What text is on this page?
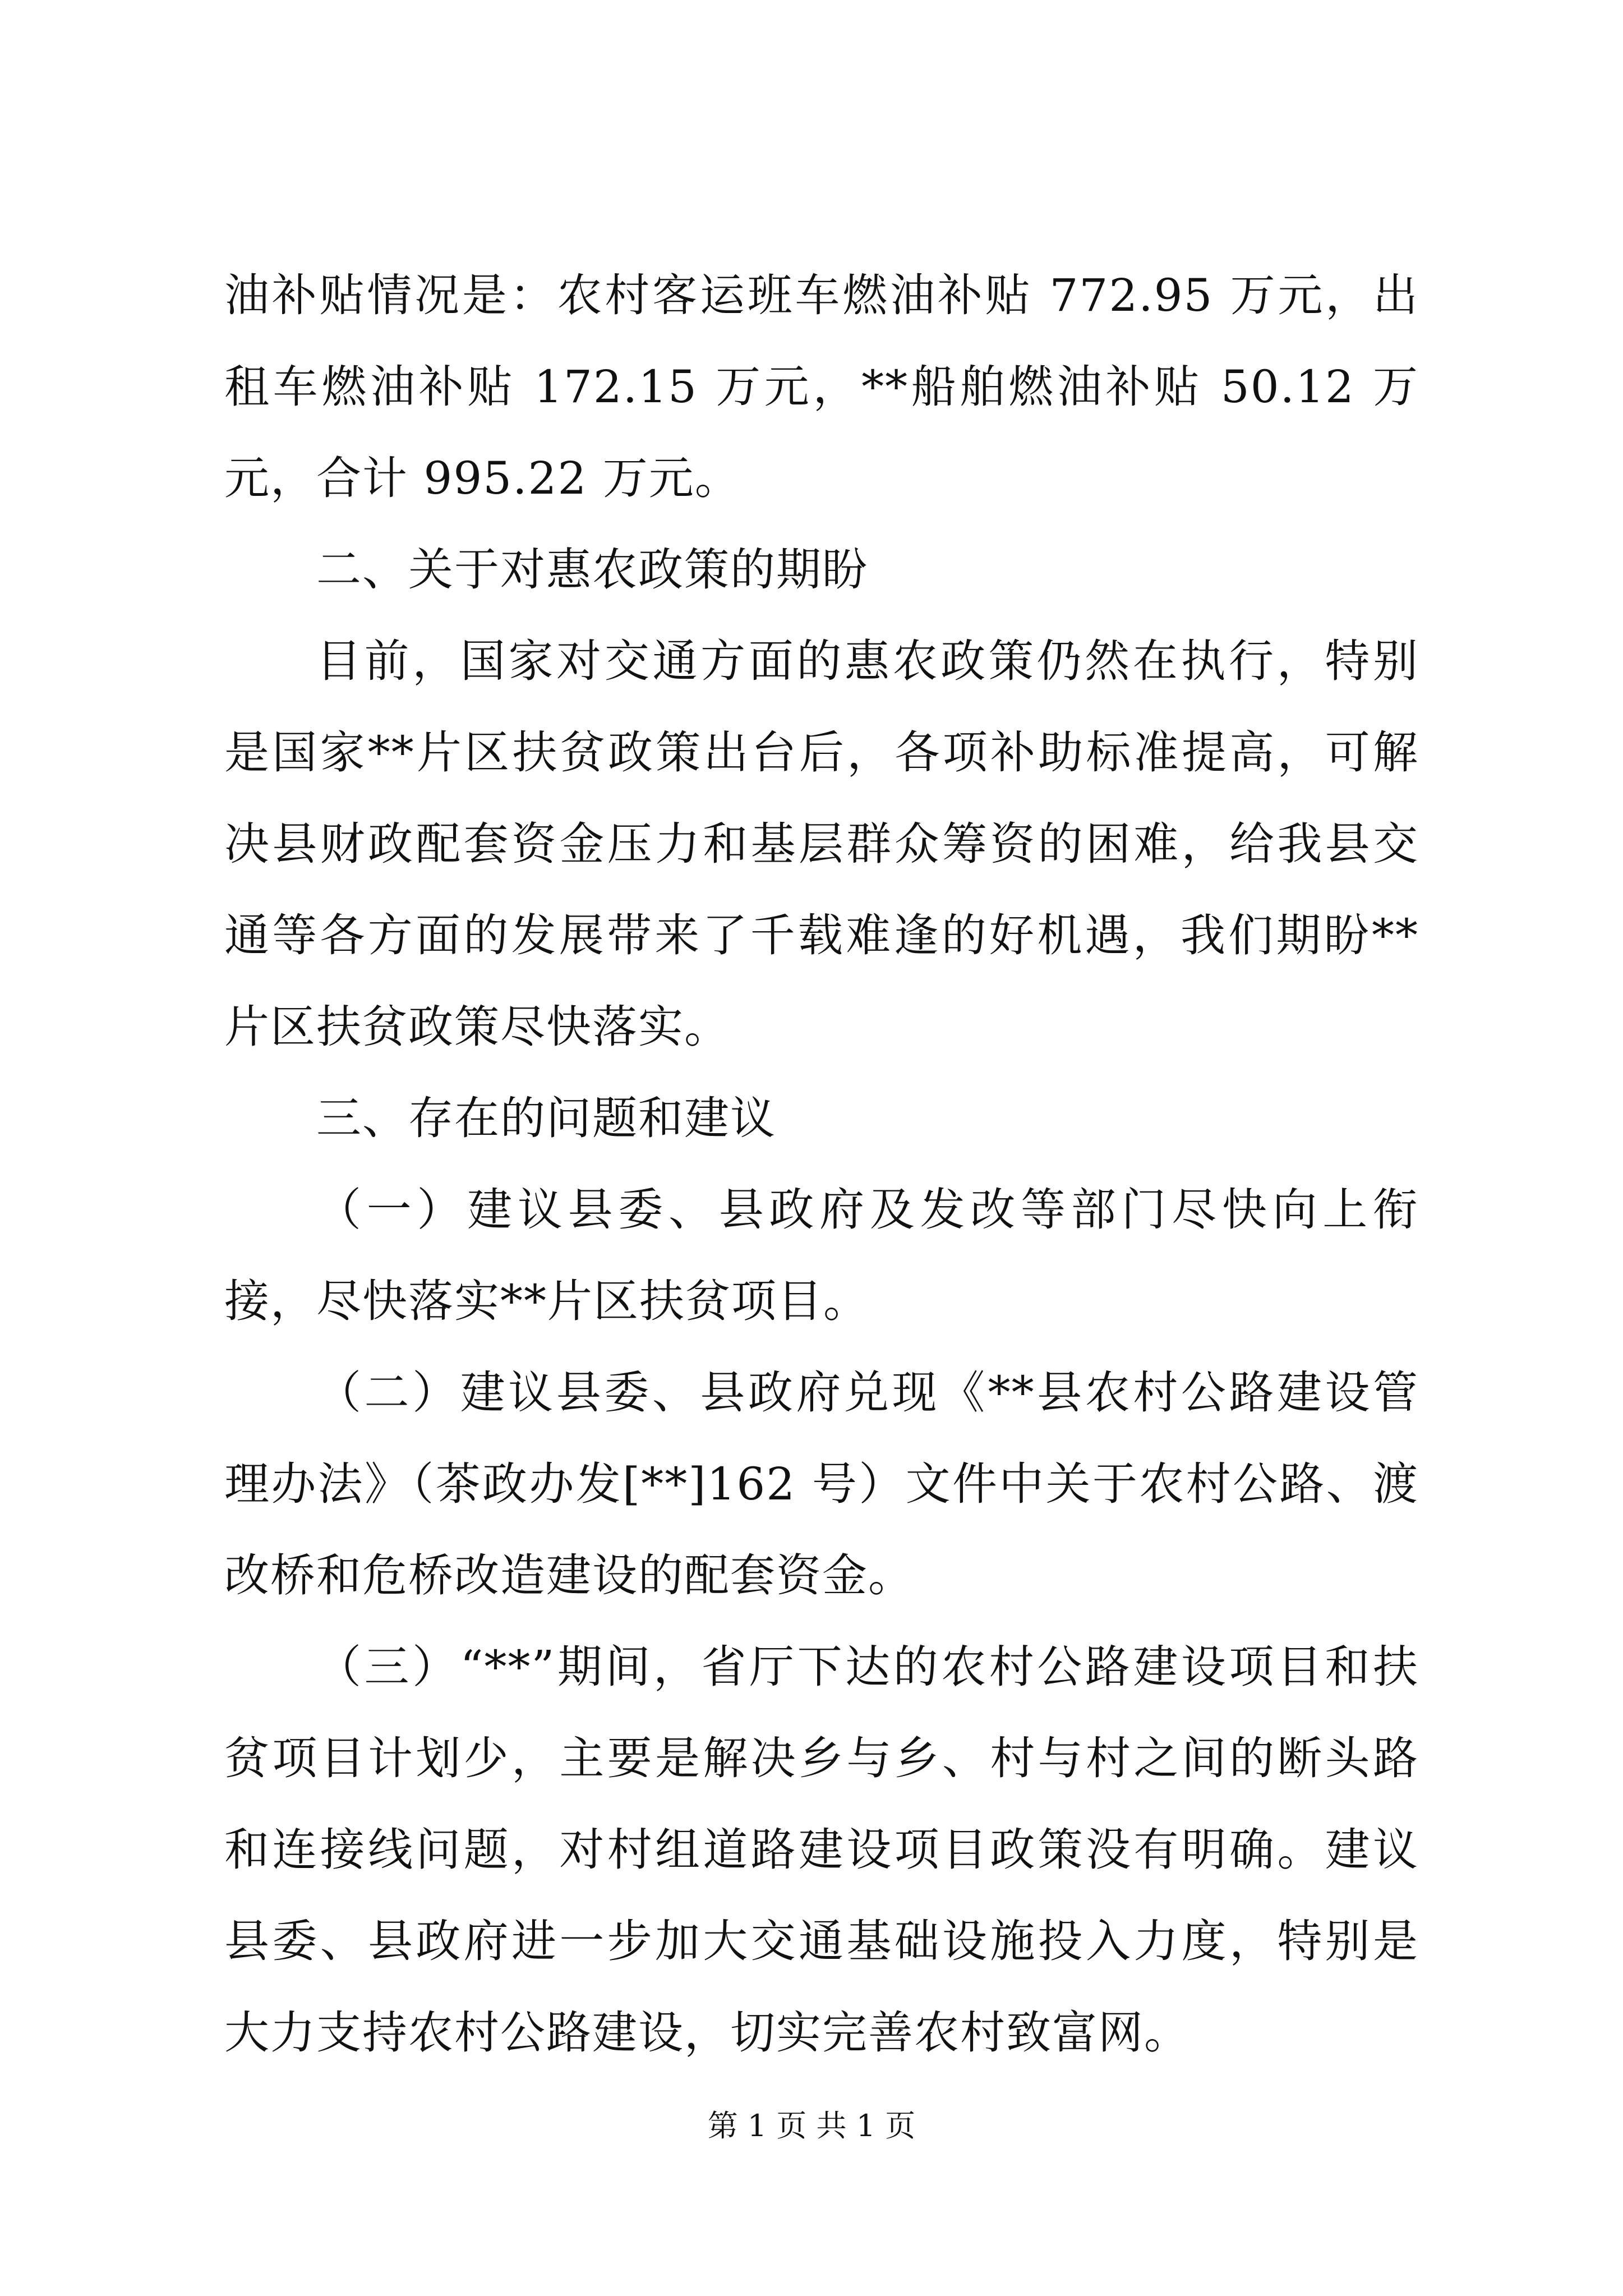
油补贴情况是：农村客运班车燃油补贴 772.95 万元，出租车燃油补贴 172.15 万元，**船舶燃油补贴 50.12 万元，合计 995.22 万元。

二、关于对惠农政策的期盼

目前，国家对交通方面的惠农政策仍然在执行，特别是国家**片区扶贫政策出台后，各项补助标准提高，可解决县财政配套资金压力和基层群众筹资的困难，给我县交通等各方面的发展带来了千载难逢的好机遇，我们期盼**片区扶贫政策尽快落实。

三、存在的问题和建议

（一）建议县委、县政府及发改等部门尽快向上衔接，尽快落实**片区扶贫项目。

（二）建议县委、县政府兑现《**县农村公路建设管理办法》（茶政办发[**]162 号）文件中关于农村公路、渡改桥和危桥改造建设的配套资金。

（三）“**”期间，省厅下达的农村公路建设项目和扶贫项目计划少，主要是解决乡与乡、村与村之间的断头路和连接线问题，对村组道路建设项目政策没有明确。建议县委、县政府进一步加大交通基础设施投入力度，特别是大力支持农村公路建设，切实完善农村致富网。

第 1 页 共 1 页
